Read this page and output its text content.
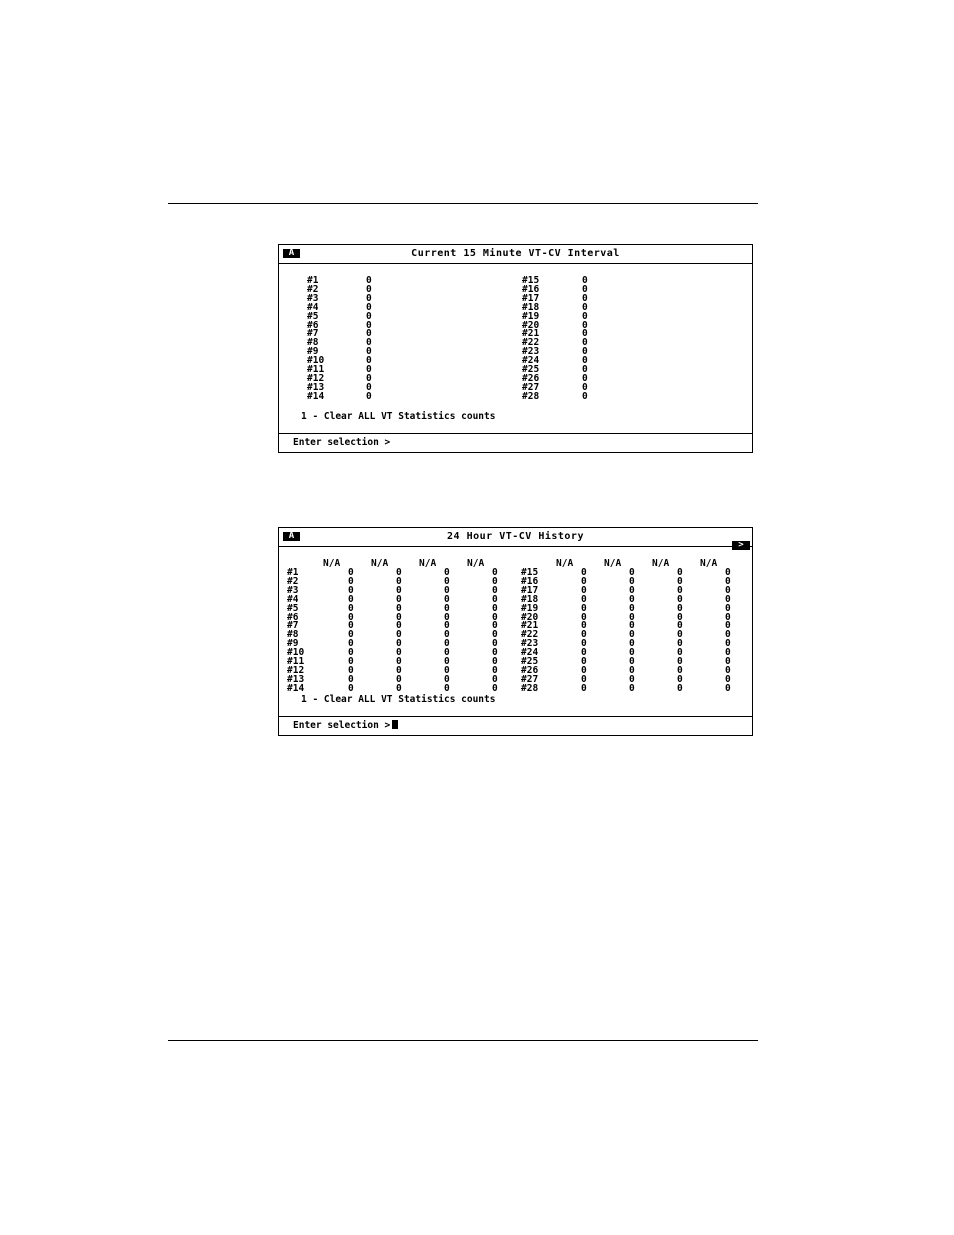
Current 15 Minute VT-CV Interval
A
#1	0
#2	0
#3	0
#4	0
#5	0
#6	0
#7	0
#8	0
#9	0
#10	0
#11	0
#12	0
#13	0
#14	0
#15	0
#16	0
#17	0
#18	0
#19	0
#20	0
#21	0
#22	0
#23	0
#24	0
#25	0
#26	0
#27	0
#28	0
1 - Clear ALL VT Statistics counts
Enter selection >
24 Hour VT-CV History
A
>
N/A	N/A	N/A	N/A	N/A	N/A	N/A	N/A
#1	0	0	0	0
#2	0	0	0	0
#3	0	0	0	0
#4	0	0	0	0
#5	0	0	0	0
#6	0	0	0	0
#7	0	0	0	0
#8	0	0	0	0
#9	0	0	0	0
#10	0	0	0	0
#11	0	0	0	0
#12	0	0	0	0
#13	0	0	0	0
#14	0	0	0	0
#15	0	0	0	0
#16	0	0	0	0
#17	0	0	0	0
#18	0	0	0	0
#19	0	0	0	0
#20	0	0	0	0
#21	0	0	0	0
#22	0	0	0	0
#23	0	0	0	0
#24	0	0	0	0
#25	0	0	0	0
#26	0	0	0	0
#27	0	0	0	0
#28	0	0	0	0
1 - Clear ALL VT Statistics counts
Enter selection >
